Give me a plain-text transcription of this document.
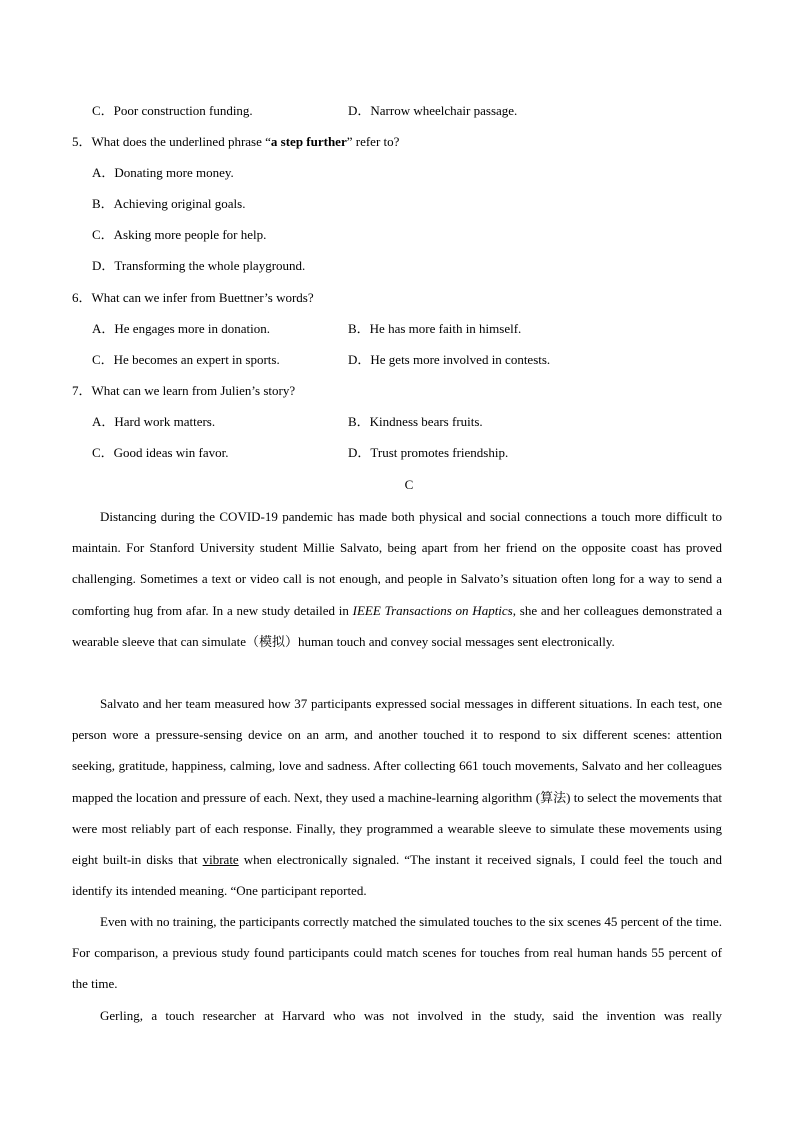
C．Poor construction funding.	D．Narrow wheelchair passage.
5．What does the underlined phrase “a step further” refer to?
A．Donating more money.
B．Achieving original goals.
C．Asking more people for help.
D．Transforming the whole playground.
6．What can we infer from Buettner’s words?
A．He engages more in donation.	B．He has more faith in himself.
C．He becomes an expert in sports.	D．He gets more involved in contests.
7．What can we learn from Julien’s story?
A．Hard work matters.	B．Kindness bears fruits.
C．Good ideas win favor.	D．Trust promotes friendship.
C
Distancing during the COVID-19 pandemic has made both physical and social connections a touch more difficult to maintain. For Stanford University student Millie Salvato, being apart from her friend on the opposite coast has proved challenging. Sometimes a text or video call is not enough, and people in Salvato’s situation often long for a way to send a comforting hug from afar. In a new study detailed in IEEE Transactions on Haptics, she and her colleagues demonstrated a wearable sleeve that can simulate（模拟）human touch and convey social messages sent electronically.
Salvato and her team measured how 37 participants expressed social messages in different situations. In each test, one person wore a pressure-sensing device on an arm, and another touched it to respond to six different scenes: attention seeking, gratitude, happiness, calming, love and sadness. After collecting 661 touch movements, Salvato and her colleagues mapped the location and pressure of each. Next, they used a machine-learning algorithm (算法) to select the movements that were most reliably part of each response. Finally, they programmed a wearable sleeve to simulate these movements using eight built-in disks that vibrate when electronically signaled. “The instant it received signals, I could feel the touch and identify its intended meaning. “One participant reported.
Even with no training, the participants correctly matched the simulated touches to the six scenes 45 percent of the time. For comparison, a previous study found participants could match scenes for touches from real human hands 55 percent of the time.
Gerling, a touch researcher at Harvard who was not involved in the study, said the invention was really
